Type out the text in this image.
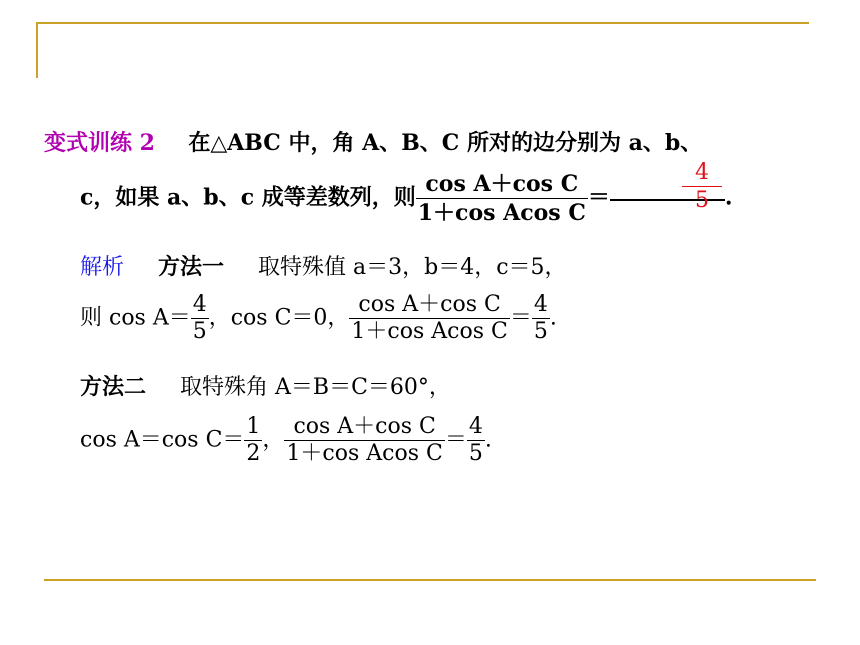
变式训练 2 在△ABC 中，角 A、B、C 所对的边分别为 a、b、
c，如果 a、b、c 成等差数列，则 $\frac{\text{cos A＋cos C}}{\text{1＋cos Acos C}}$ ＝	.
$\frac{4}{5}$
解析 方法一 取特殊值 a＝3，b＝4，c＝5，
则 $\cos A= \frac{4}{5}$ ，cos C＝0， $\frac{\text{cos A＋cos C}}{\text{1＋cos Acos C}} = \frac{4}{5}$ .
方法二 取特殊角 A＝B＝C＝60°，
cos A＝cos $C= \frac{1}{2}$ ， $\frac{\text{cos A＋cos C}}{\text{1＋cos Acos C}} = \frac{4}{5}$ .
